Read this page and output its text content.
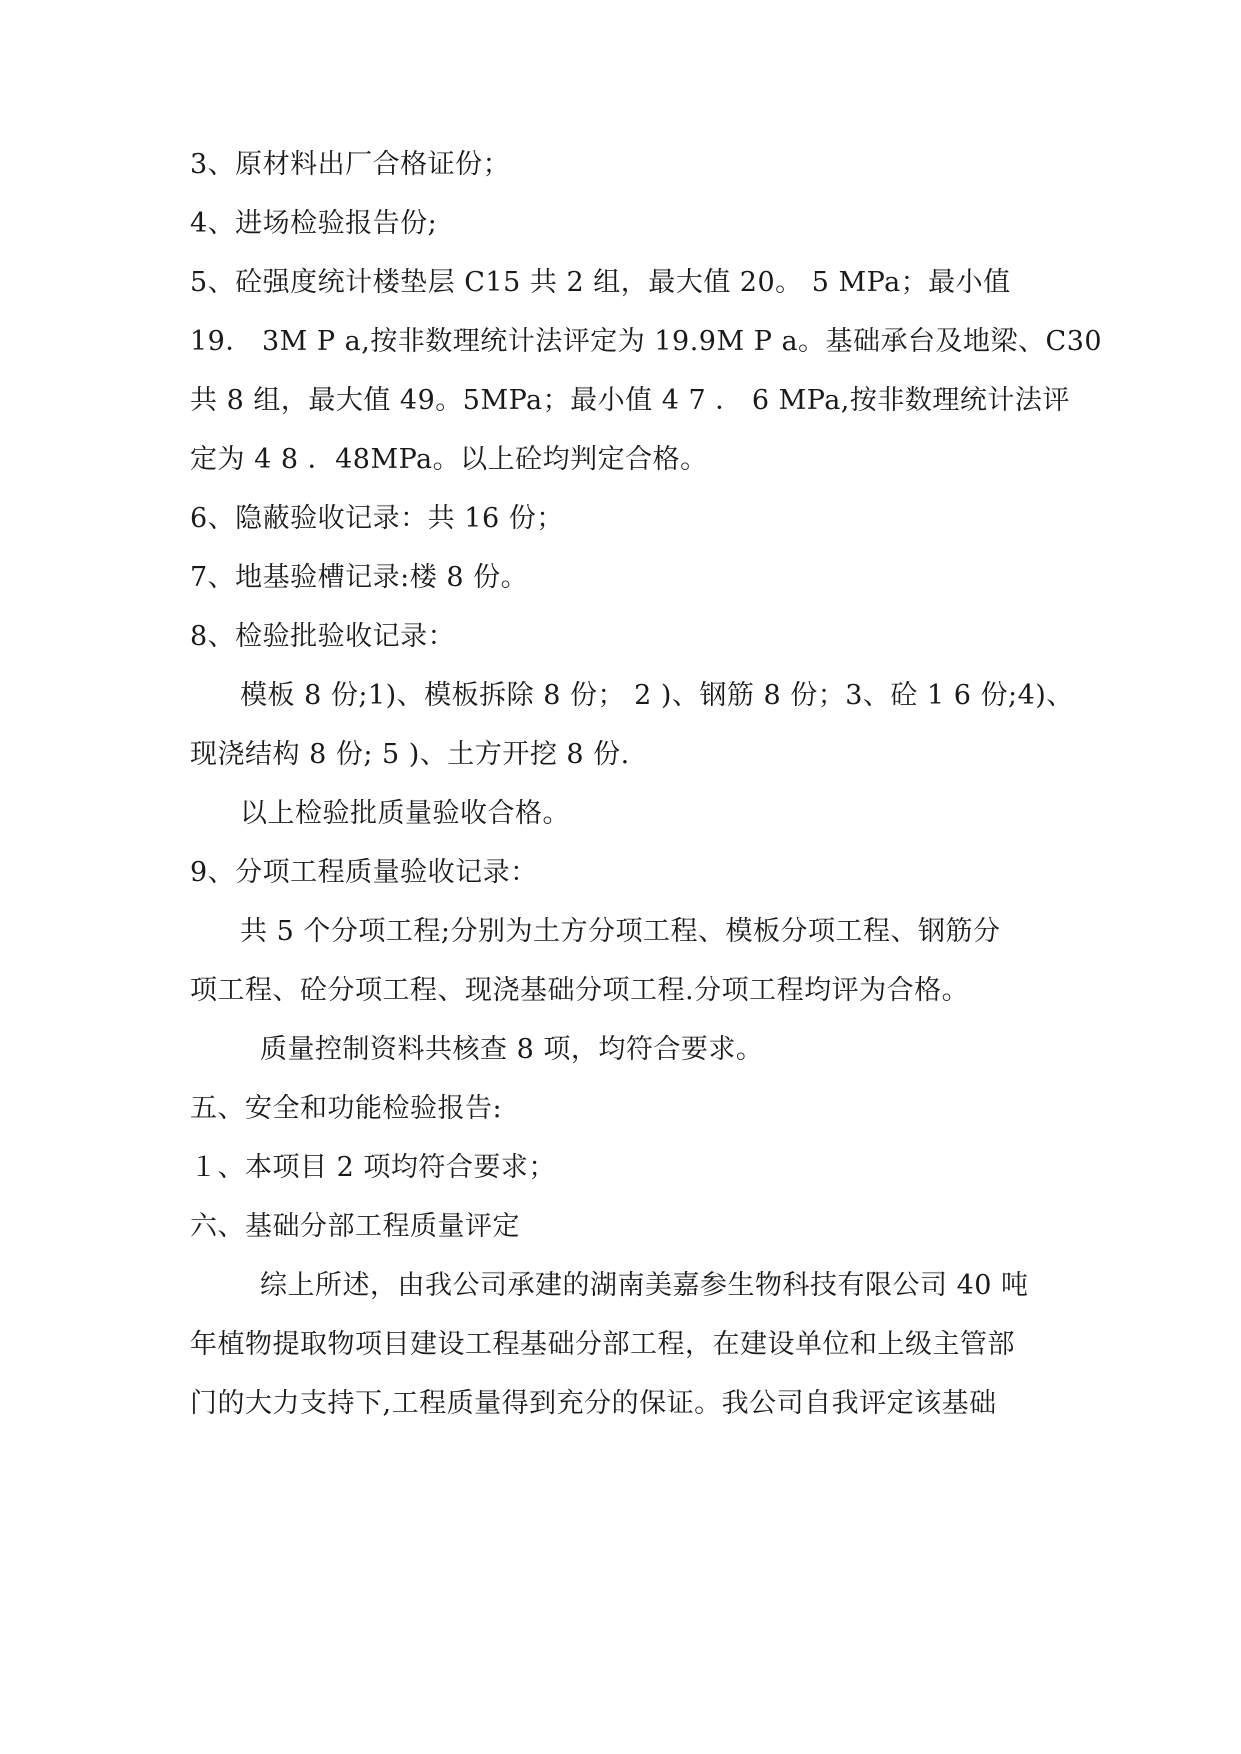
3、原材料出厂合格证份；
4、进场检验报告份;
5、砼强度统计楼垫层 C15 共 2 组，最大值 20。 5 MPa；最小值
19． 3M P a,按非数理统计法评定为 19.9M P a。基础承台及地梁、C30
共 8 组，最大值 49。5MPa；最小值 4 7 ． 6 MPa,按非数理统计法评
定为 4 8 ．48MPa。以上砼均判定合格。
6、隐蔽验收记录：共 16 份；
7、地基验槽记录:楼 8 份。
8、检验批验收记录：
模板 8 份;1)、模板拆除 8 份； 2 )、钢筋 8 份；3、砼 1 6 份;4)、
现浇结构 8 份; 5 )、土方开挖 8 份.
以上检验批质量验收合格。
9、分项工程质量验收记录：
共 5 个分项工程;分别为土方分项工程、模板分项工程、钢筋分
项工程、砼分项工程、现浇基础分项工程.分项工程均评为合格。
质量控制资料共核查 8 项，均符合要求。
五、安全和功能检验报告:
１、本项目 2 项均符合要求；
六、基础分部工程质量评定
综上所述，由我公司承建的湖南美嘉参生物科技有限公司 40 吨
年植物提取物项目建设工程基础分部工程，在建设单位和上级主管部
门的大力支持下,工程质量得到充分的保证。我公司自我评定该基础
